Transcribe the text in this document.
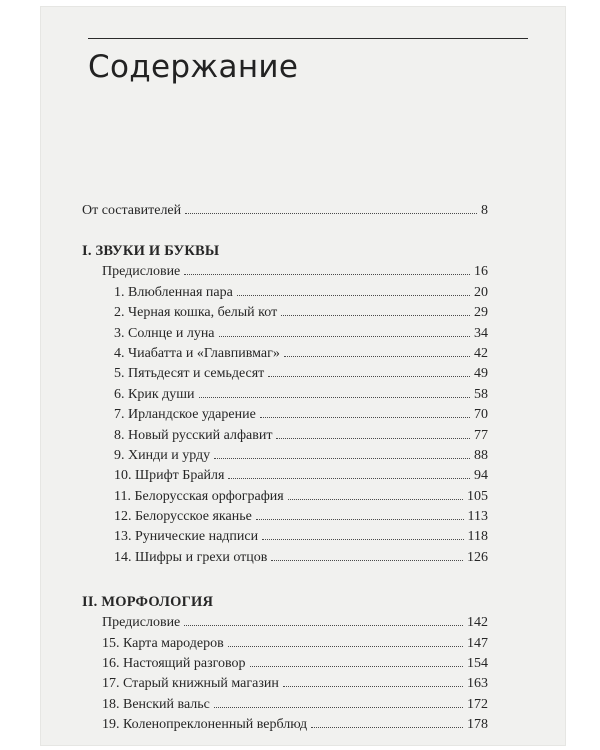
Содержание
От составителей	8
I. ЗВУКИ И БУКВЫ
Предисловие	16
1. Влюбленная пара	20
2. Черная кошка, белый кот	29
3. Солнце и луна	34
4. Чиабатта и «Главпивмаг»	42
5. Пятьдесят и семьдесят	49
6. Крик души	58
7. Ирландское ударение	70
8. Новый русский алфавит	77
9. Хинди и урду	88
10. Шрифт Брайля	94
11. Белорусская орфография	105
12. Белорусское яканье	113
13. Рунические надписи	118
14. Шифры и грехи отцов	126
II. МОРФОЛОГИЯ
Предисловие	142
15. Карта мародеров	147
16. Настоящий разговор	154
17. Старый книжный магазин	163
18. Венский вальс	172
19. Коленопреклоненный верблюд	178
